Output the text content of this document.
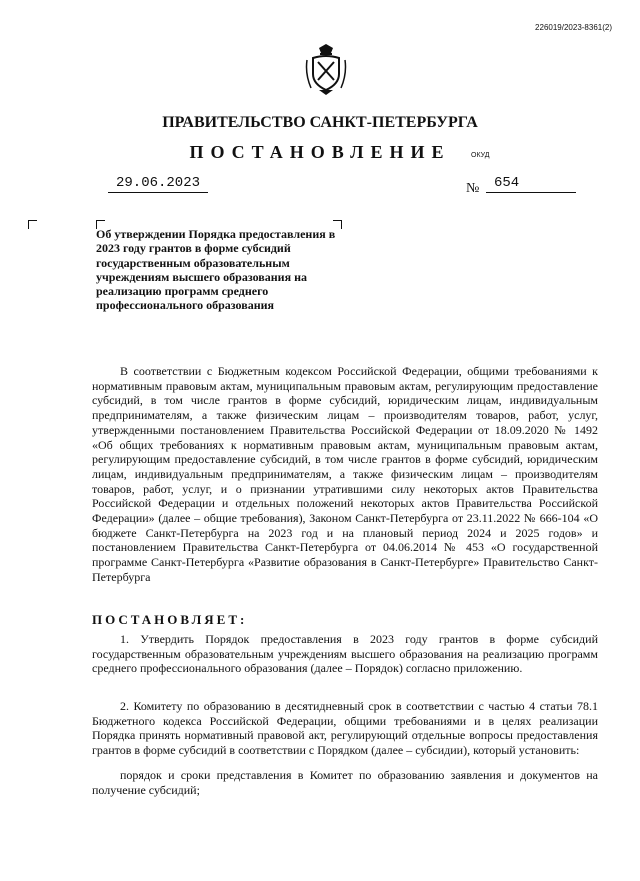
226019/2023-8361(2)
ПРАВИТЕЛЬСТВО САНКТ-ПЕТЕРБУРГА
ПОСТАНОВЛЕНИЕ	ОКУД
29.06.2023	№	654
Об утверждении Порядка предоставления в 2023 году грантов в форме субсидий государственным образовательным учреждениям высшего образования на реализацию программ среднего профессионального образования
В соответствии с Бюджетным кодексом Российской Федерации, общими требованиями к нормативным правовым актам, муниципальным правовым актам, регулирующим предоставление субсидий, в том числе грантов в форме субсидий, юридическим лицам, индивидуальным предпринимателям, а также физическим лицам – производителям товаров, работ, услуг, утвержденными постановлением Правительства Российской Федерации от 18.09.2020 № 1492 «Об общих требованиях к нормативным правовым актам, муниципальным правовым актам, регулирующим предоставление субсидий, в том числе грантов в форме субсидий, юридическим лицам, индивидуальным предпринимателям, а также физическим лицам – производителям товаров, работ, услуг, и о признании утратившими силу некоторых актов Правительства Российской Федерации и отдельных положений некоторых актов Правительства Российской Федерации» (далее – общие требования), Законом Санкт-Петербурга от 23.11.2022 № 666-104 «О бюджете Санкт-Петербурга на 2023 год и на плановый период 2024 и 2025 годов» и постановлением Правительства Санкт-Петербурга от 04.06.2014 № 453 «О государственной программе Санкт-Петербурга «Развитие образования в Санкт-Петербурге» Правительство Санкт-Петербурга
ПОСТАНОВЛЯЕТ:
1. Утвердить Порядок предоставления в 2023 году грантов в форме субсидий государственным образовательным учреждениям высшего образования на реализацию программ среднего профессионального образования (далее – Порядок) согласно приложению.
2. Комитету по образованию в десятидневный срок в соответствии с частью 4 статьи 78.1 Бюджетного кодекса Российской Федерации, общими требованиями и в целях реализации Порядка принять нормативный правовой акт, регулирующий отдельные вопросы предоставления грантов в форме субсидий в соответствии с Порядком (далее – субсидии), который установить:
порядок и сроки представления в Комитет по образованию заявления и документов на получение субсидий;
